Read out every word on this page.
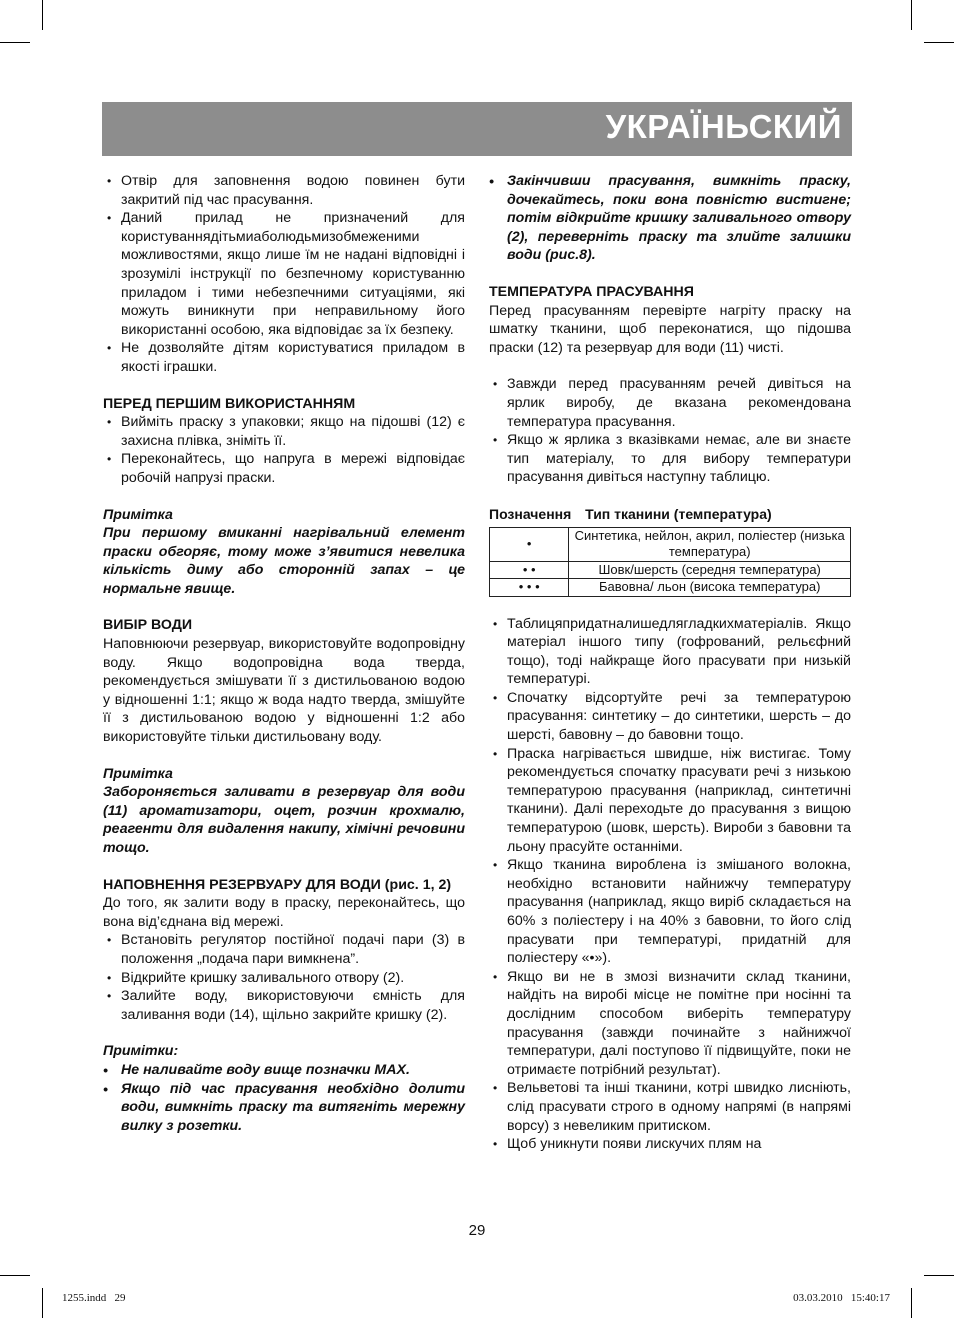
УКРАЇНЬСКИЙ
• Отвір для заповнення водою повинен бути закритий під час прасування.
• Даний прилад не призначений для користуваннядітьмиаболюдьмизобмеженими можливостями, якщо лише їм не надані відповідні і зрозумілі інструкції по безпечному користуванню приладом і тими небезпечними ситуаціями, які можуть виникнути при неправильному його використанні особою, яка відповідає за їх безпеку.
• Не дозволяйте дітям користуватися приладом в якості іграшки.

ПЕРЕД ПЕРШИМ ВИКОРИСТАННЯМ

• Вийміть праску з упаковки; якщо на підошві (12) є захисна плівка, зніміть її.
• Переконайтесь, що напруга в мережі відповідає робочій напрузі праски.

Примітка

При першому вмиканні нагрівальний елемент праски обгоряє, тому може з’явитися невелика кількість диму або сторонній запах – це нормальне явище.

ВИБІР ВОДИ

Наповнюючи резервуар, використовуйте водопровідну воду. Якщо водопровідна вода тверда, рекомендується змішувати її з дистильованою водою у відношенні 1:1; якщо ж вода надто тверда, змішуйте її з дистильованою водою у відношенні 1:2 або використовуйте тільки дистильовану воду.

Примітка

Забороняється заливати в резервуар для води (11) ароматизатори, оцет, розчин крохмалю, реагенти для видалення накипу, хімічні речовини тощо.

НАПОВНЕННЯ РЕЗЕРВУАРУ ДЛЯ ВОДИ (рис. 1, 2)

До того, як залити воду в праску, переконайтесь, що вона від’єднана від мережі.

• Встановіть регулятор постійної подачі пари (3) в положення „подача пари вимкнена”.
• Відкрийте кришку заливального отвору (2).
• Залийте воду, використовуючи ємність для заливання води (14), щільно закрийте кришку (2).

Примітки:

• Не наливайте воду вище позначки MAX.
• Якщо під час прасування необхідно долити води, вимкніть праску та витягніть мережну вилку з розетки.
• Закінчивши прасування, вимкніть праску, дочекайтесь, поки вона повністю вистигне; потім відкрийте кришку заливального отвору (2), переверніть праску та злийте залишки води (рис.8).

ТЕМПЕРАТУРА ПРАСУВАННЯ

Перед прасуванням перевірте нагріту праску на шматку тканини, щоб переконатися, що підошва праски (12) та резервуар для води (11) чисті.

• Завжди перед прасуванням речей дивіться на ярлик виробу, де вказана рекомендована температура прасування.
• Якщо ж ярлика з вказівками немає, але ви знаєте тип матеріалу, то для вибору температури прасування дивіться наступну таблицю.
Позначення Тип тканини (температура)
•	Синтетика, нейлон, акрил, поліестер (низька температура)
• •	Шовк/шерсть (середня температура)
• • •	Бавовна/ льон (висока температура)
• Таблицяпридатналишедлягладкихматеріалів. Якщо матеріал іншого типу (гофрований, рельєфний тощо), тоді найкраще його прасувати при низькій температурі.
• Спочатку відсортуйте речі за температурою прасування: синтетику – до синтетики, шерсть – до шерсті, бавовну – до бавовни тощо.
• Праска нагрівається швидше, ніж вистигає. Тому рекомендується спочатку прасувати речі з низькою температурою прасування (наприклад, синтетичні тканини). Далі переходьте до прасування з вищою температурою (шовк, шерсть). Вироби з бавовни та льону прасуйте останніми.
• Якщо тканина вироблена із змішаного волокна, необхідно встановити найнижчу температуру прасування (наприклад, якщо виріб складається на 60% з поліестеру і на 40% з бавовни, то його слід прасувати при температурі, придатній для поліестеру «•»).
• Якщо ви не в змозі визначити склад тканини, найдіть на виробі місце не помітне при носінні та дослідним способом виберіть температуру прасування (завжди починайте з найнижчої температури, далі поступово її підвищуйте, поки не отримаєте потрібний результат).
• Вельветові та інші тканини, котрі швидко лисніють, слід прасувати строго в одному напрямі (в напрямі ворсу) з невеликим притиском.
• Щоб уникнути появи лискучих плям на
29
1255.indd   29	03.03.2010   15:40:17
